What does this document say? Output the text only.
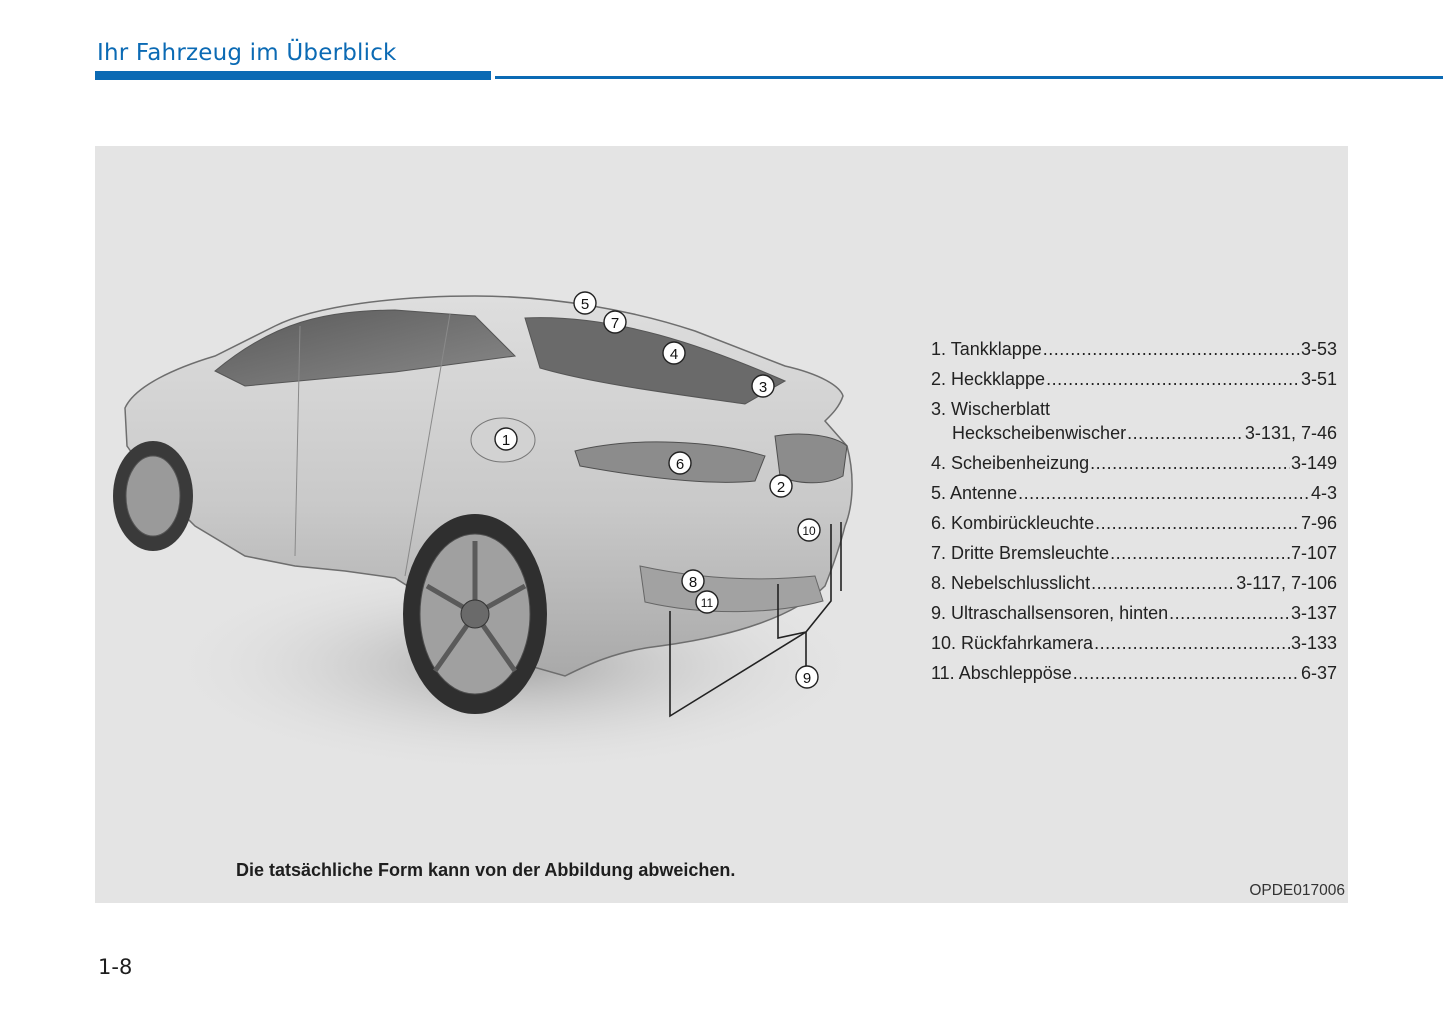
Ihr Fahrzeug im Überblick
1
2
3
4
5
6
7
8
9
10
11
1. Tankklappe .....	3-53
2. Heckklappe .....	3-51
3. Wischerblatt
Heckscheibenwischer .....	3-131, 7-46
4. Scheibenheizung .....	3-149
5. Antenne .....	4-3
6. Kombirückleuchte .....	7-96
7. Dritte Bremsleuchte .....	7-107
8. Nebelschlusslicht .....	3-117, 7-106
9. Ultraschallsensoren, hinten .....	3-137
10. Rückfahrkamera .....	3-133
11. Abschleppöse .....	6-37

Die tatsächliche Form kann von der Abbildung abweichen.

OPDE017006
1-8
